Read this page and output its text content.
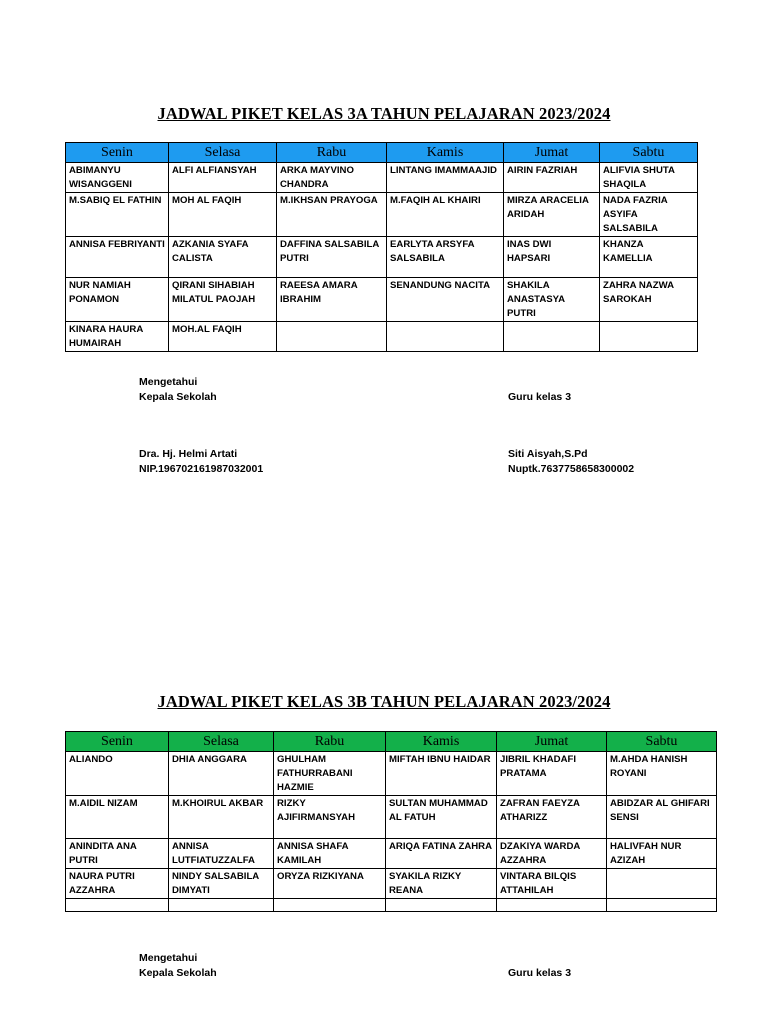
JADWAL PIKET KELAS 3A TAHUN PELAJARAN 2023/2024
Senin	Selasa	Rabu	Kamis	Jumat	Sabtu
ABIMANYU WISANGGENI	ALFI ALFIANSYAH	ARKA MAYVINO CHANDRA	LINTANG IMAMMAAJID	AIRIN FAZRIAH	ALIFVIA SHUTA SHAQILA
M.SABIQ EL FATHIN	MOH AL FAQIH	M.IKHSAN PRAYOGA	M.FAQIH AL KHAIRI	MIRZA ARACELIA ARIDAH	NADA FAZRIA ASYIFA SALSABILA
ANNISA FEBRIYANTI	AZKANIA SYAFA CALISTA	DAFFINA SALSABILA PUTRI	EARLYTA ARSYFA SALSABILA	INAS DWI HAPSARI	KHANZA KAMELLIA
NUR NAMIAH PONAMON	QIRANI SIHABIAH MILATUL PAOJAH	RAEESA AMARA IBRAHIM	SENANDUNG NACITA	SHAKILA ANASTASYA PUTRI	ZAHRA NAZWA SAROKAH
KINARA HAURA HUMAIRAH	MOH.AL FAQIH				
Mengetahui
Kepala Sekolah	Guru kelas 3
Dra. Hj. Helmi Artati
NIP.196702161987032001
Siti Aisyah,S.Pd
Nuptk.7637758658300002
JADWAL PIKET KELAS 3B TAHUN PELAJARAN 2023/2024
Senin	Selasa	Rabu	Kamis	Jumat	Sabtu
ALIANDO	DHIA ANGGARA	GHULHAM FATHURRABANI HAZMIE	MIFTAH IBNU HAIDAR	JIBRIL KHADAFI PRATAMA	M.AHDA HANISH ROYANI
M.AIDIL NIZAM	M.KHOIRUL AKBAR	RIZKY AJIFIRMANSYAH	SULTAN MUHAMMAD AL FATUH	ZAFRAN FAEYZA ATHARIZZ	ABIDZAR AL GHIFARI SENSI
ANINDITA ANA PUTRI	ANNISA LUTFIATUZZALFA	ANNISA SHAFA KAMILAH	ARIQA FATINA ZAHRA	DZAKIYA WARDA AZZAHRA	HALIVFAH NUR AZIZAH
NAURA PUTRI AZZAHRA	NINDY SALSABILA DIMYATI	ORYZA RIZKIYANA	SYAKILA RIZKY REANA	VINTARA BILQIS ATTAHILAH	

Mengetahui
Kepala Sekolah	Guru kelas 3
